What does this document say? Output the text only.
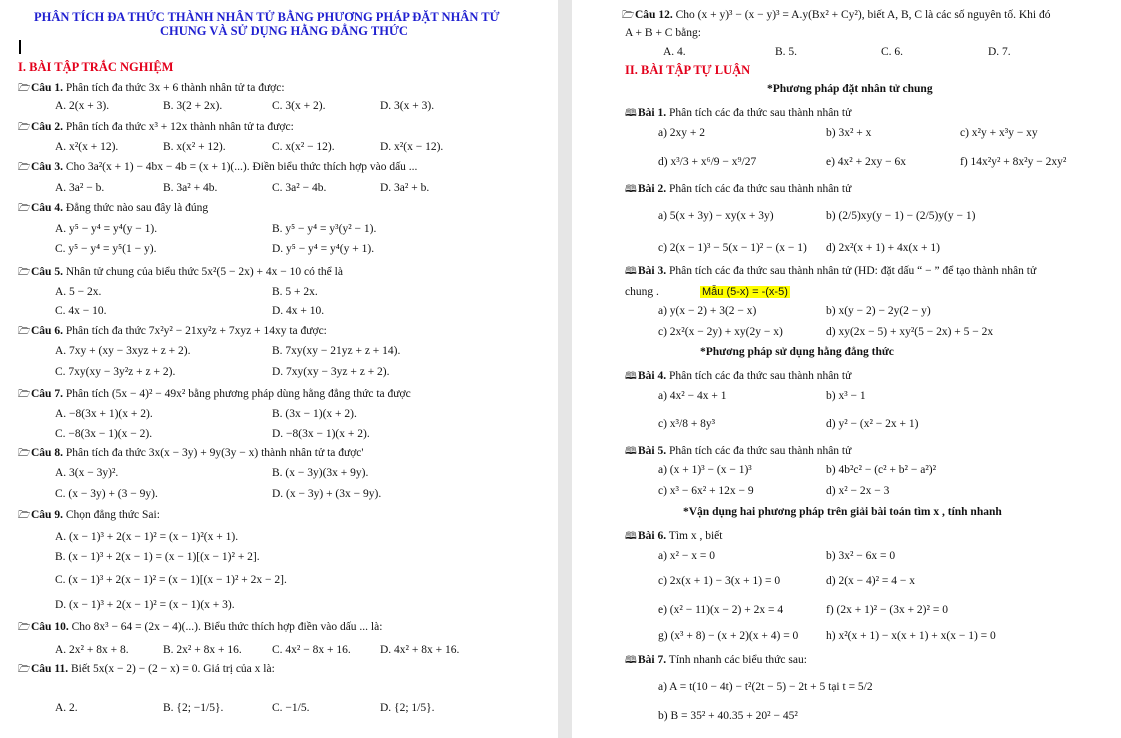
PHÂN TÍCH ĐA THỨC THÀNH NHÂN TỬ BẰNG PHƯƠNG PHÁP ĐẶT NHÂN TỬ
CHUNG VÀ SỬ DỤNG HẰNG ĐẲNG THỨC
I. BÀI TẬP TRẮC NGHIỆM
🗁Câu 1. Phân tích đa thức 3x + 6 thành nhân tử ta được:
A. 2(x + 3).	B. 3(2 + 2x).	C. 3(x + 2).	D. 3(x + 3).
🗁Câu 2. Phân tích đa thức x³ + 12x thành nhân tử ta được:
A. x²(x + 12).	B. x(x² + 12).	C. x(x² − 12).	D. x²(x − 12).
🗁Câu 3. Cho 3a²(x + 1) − 4bx − 4b = (x + 1)(...). Điền biểu thức thích hợp vào dấu ...
A. 3a² − b.	B. 3a² + 4b.	C. 3a² − 4b.	D. 3a² + b.
🗁Câu 4. Đẳng thức nào sau đây là đúng
A. y⁵ − y⁴ = y⁴(y − 1).	B. y⁵ − y⁴ = y³(y² − 1).
C. y⁵ − y⁴ = y⁵(1 − y).	D. y⁵ − y⁴ = y⁴(y + 1).
🗁Câu 5. Nhân tử chung của biểu thức 5x²(5 − 2x) + 4x − 10 có thể là
A. 5 − 2x.	B. 5 + 2x.
C. 4x − 10.	D. 4x + 10.
🗁Câu 6. Phân tích đa thức 7x²y² − 21xy²z + 7xyz + 14xy ta được:
A. 7xy + (xy − 3xyz + z + 2).	B. 7xy(xy − 21yz + z + 14).
C. 7xy(xy − 3y²z + z + 2).	D. 7xy(xy − 3yz + z + 2).
🗁Câu 7. Phân tích (5x − 4)² − 49x² bằng phương pháp dùng hằng đẳng thức ta được
A. −8(3x + 1)(x + 2).	B. (3x − 1)(x + 2).
C. −8(3x − 1)(x − 2).	D. −8(3x − 1)(x + 2).
🗁Câu 8. Phân tích đa thức 3x(x − 3y) + 9y(3y − x) thành nhân tử ta được'
A. 3(x − 3y)².	B. (x − 3y)(3x + 9y).
C. (x − 3y) + (3 − 9y).	D. (x − 3y) + (3x − 9y).
🗁Câu 9. Chọn đẳng thức Sai:
A. (x − 1)³ + 2(x − 1)² = (x − 1)²(x + 1).
B. (x − 1)³ + 2(x − 1) = (x − 1)[(x − 1)² + 2].
C. (x − 1)³ + 2(x − 1)² = (x − 1)[(x − 1)² + 2x − 2].
D. (x − 1)³ + 2(x − 1)² = (x − 1)(x + 3).
🗁Câu 10. Cho 8x³ − 64 = (2x − 4)(...). Biểu thức thích hợp điền vào dấu ... là:
A. 2x² + 8x + 8.	B. 2x² + 8x + 16.	C. 4x² − 8x + 16.	D. 4x² + 8x + 16.
🗁Câu 11. Biết 5x(x − 2) − (2 − x) = 0. Giá trị của x là:
A. 2.	B. {2; −1/5}.	C. −1/5.	D. {2; 1/5}.
🗁Câu 12. Cho (x + y)³ − (x − y)³ = A.y(Bx² + Cy²), biết A, B, C là các số nguyên tố. Khi đó
A + B + C bằng:
A. 4.	B. 5.	C. 6.	D. 7.
II. BÀI TẬP TỰ LUẬN
*Phương pháp đặt nhân tử chung
*Phương pháp sử dụng hằng đẳng thức
*Vận dụng hai phương pháp trên giải bài toán tìm x , tính nhanh
🕮Bài 1. Phân tích các đa thức sau thành nhân tử
a) 2xy + 2	b) 3x² + x	c) x²y + x³y − xy
d) x³/3 + x⁶/9 − x⁹/27	e) 4x² + 2xy − 6x	f) 14x²y² + 8x²y − 2xy²
🕮Bài 2. Phân tích các đa thức sau thành nhân tử
a) 5(x + 3y) − xy(x + 3y)	b) (2/5)xy(y − 1) − (2/5)y(y − 1)
c) 2(x − 1)³ − 5(x − 1)² − (x − 1) d) 2x²(x + 1) + 4x(x + 1)
🕮Bài 3. Phân tích các đa thức sau thành nhân tử (HD: đặt dấu “ − ” để tạo thành nhân tử
chung .	Mẫu (5-x) = -(x-5)
a) y(x − 2) + 3(2 − x)	b) x(y − 2) − 2y(2 − y)
c) 2x²(x − 2y) + xy(2y − x)	d) xy(2x − 5) + xy²(5 − 2x) + 5 − 2x
🕮Bài 4. Phân tích các đa thức sau thành nhân tử
a) 4x² − 4x + 1	b) x³ − 1
c) x³/8 + 8y³	d) y² − (x² − 2x + 1)
🕮Bài 5. Phân tích các đa thức sau thành nhân tử
a) (x + 1)³ − (x − 1)³	b) 4b²c² − (c² + b² − a²)²
c) x³ − 6x² + 12x − 9	d) x² − 2x − 3
🕮Bài 6. Tìm x , biết
a) x² − x = 0	b) 3x² − 6x = 0
c) 2x(x + 1) − 3(x + 1) = 0	d) 2(x − 4)² = 4 − x
e) (x² − 11)(x − 2) + 2x = 4	f) (2x + 1)² − (3x + 2)² = 0
g) (x³ + 8) − (x + 2)(x + 4) = 0 h) x²(x + 1) − x(x + 1) + x(x − 1) = 0
🕮Bài 7. Tính nhanh các biểu thức sau:
a) A = t(10 − 4t) − t²(2t − 5) − 2t + 5 tại t = 5/2
b) B = 35² + 40.35 + 20² − 45²
